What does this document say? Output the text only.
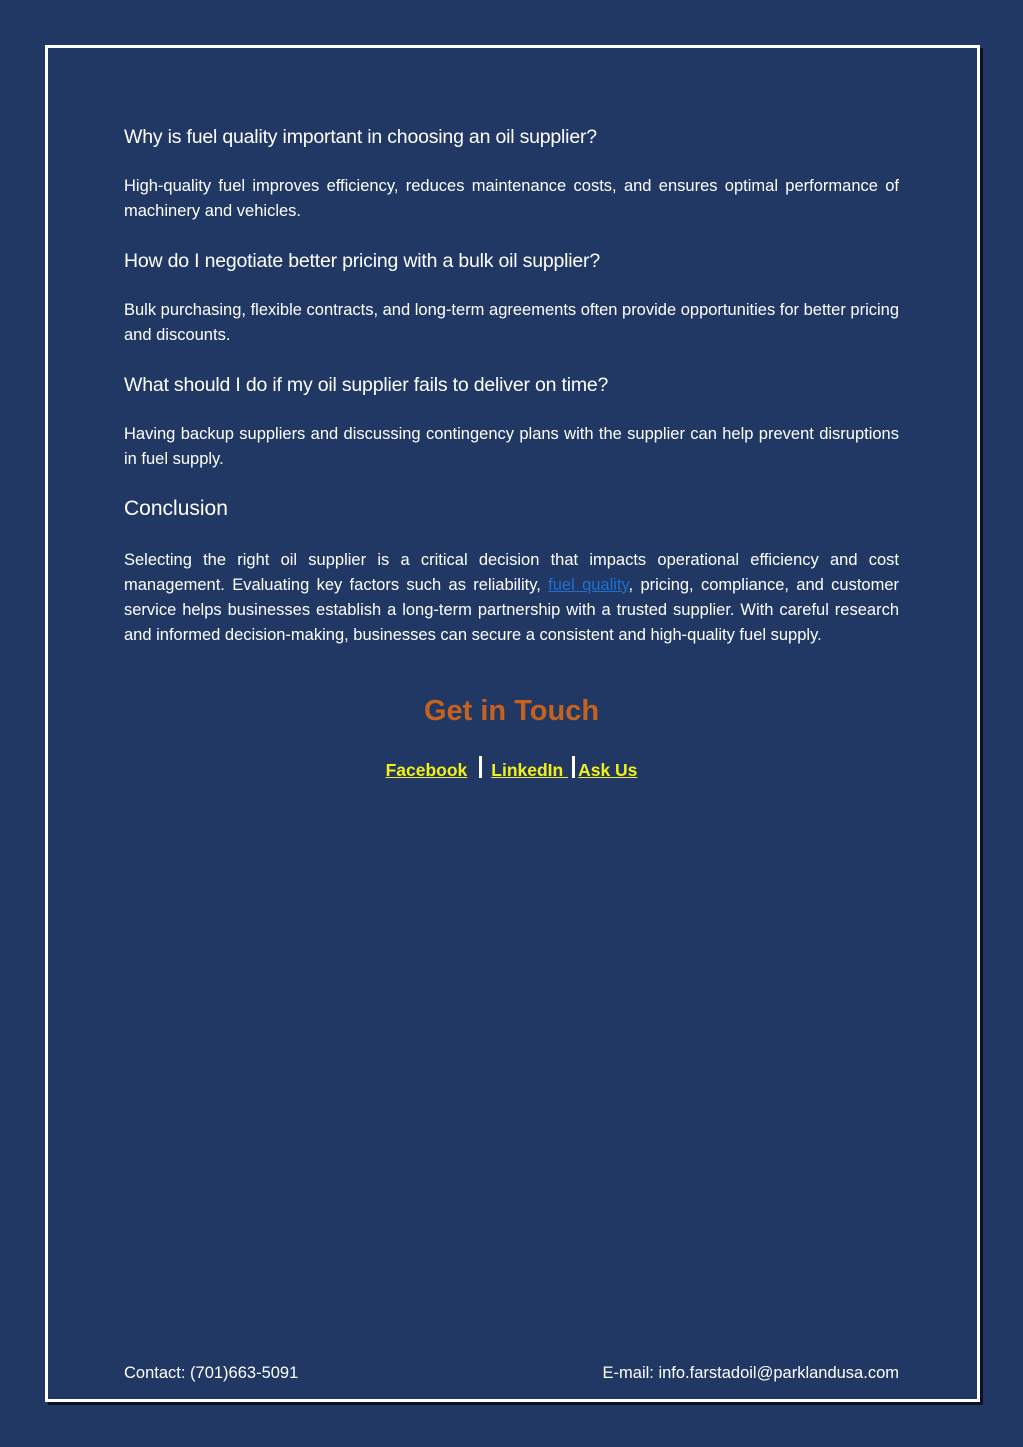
Why is fuel quality important in choosing an oil supplier?

High-quality fuel improves efficiency, reduces maintenance costs, and ensures optimal performance of machinery and vehicles.

How do I negotiate better pricing with a bulk oil supplier?

Bulk purchasing, flexible contracts, and long-term agreements often provide opportunities for better pricing and discounts.

What should I do if my oil supplier fails to deliver on time?

Having backup suppliers and discussing contingency plans with the supplier can help prevent disruptions in fuel supply.

Conclusion

Selecting the right oil supplier is a critical decision that impacts operational efficiency and cost management. Evaluating key factors such as reliability, fuel quality, pricing, compliance, and customer service helps businesses establish a long-term partnership with a trusted supplier. With careful research and informed decision-making, businesses can secure a consistent and high-quality fuel supply.

Get in Touch
Facebook LinkedIn Ask Us
Contact: (701)663-5091	E-mail: info.farstadoil@parklandusa.com
